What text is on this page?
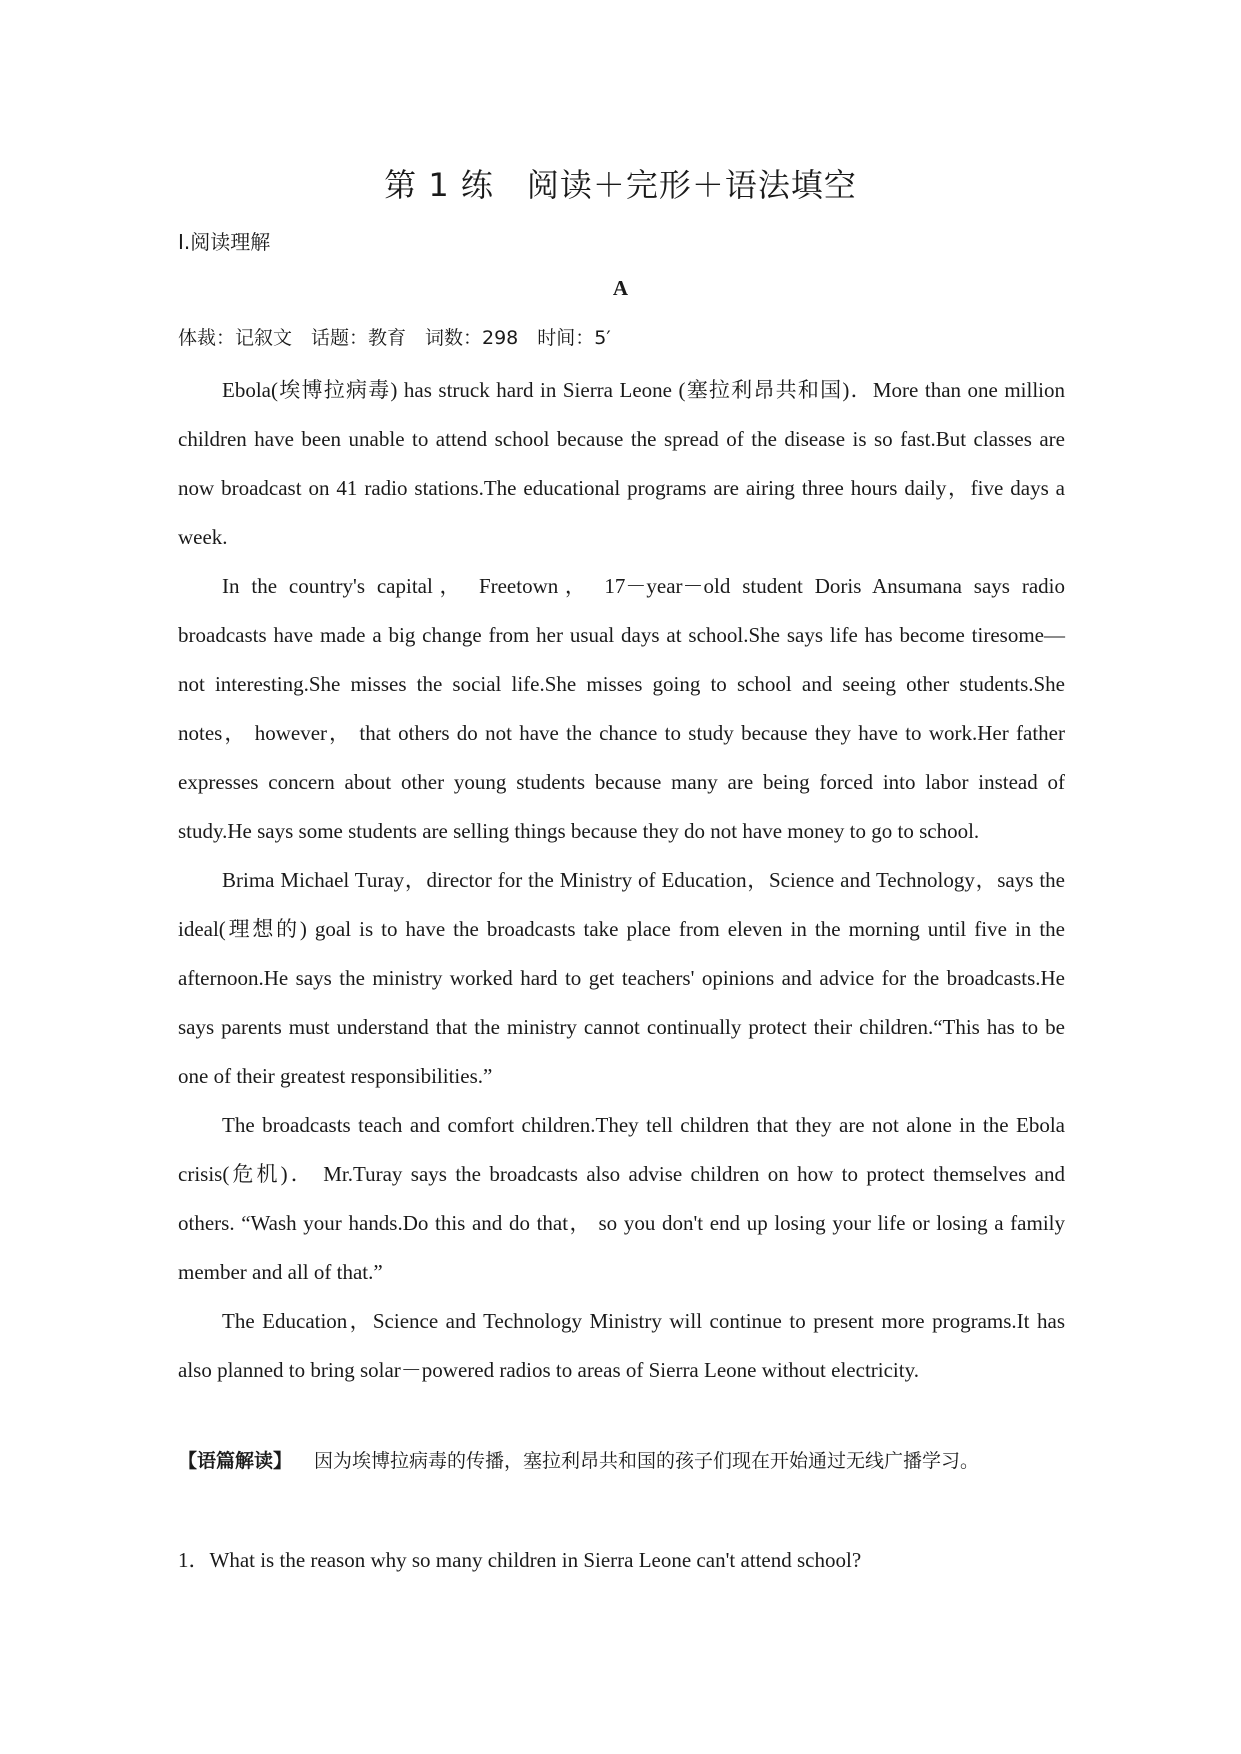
第 1 练　阅读＋完形＋语法填空
Ⅰ.阅读理解
A
体裁：记叙文　话题：教育　词数：298　时间：5′

Ebola(埃博拉病毒) has struck hard in Sierra Leone (塞拉利昂共和国)．More than one million children have been unable to attend school because the spread of the disease is so fast.But classes are now broadcast on 41 radio stations.The educational programs are airing three hours daily，five days a week.

In the country's capital， Freetown， 17－year－old student Doris Ansumana says radio broadcasts have made a big change from her usual days at school.She says life has become tiresome—not interesting.She misses the social life.She misses going to school and seeing other students.She notes， however， that others do not have the chance to study because they have to work.Her father expresses concern about other young students because many are being forced into labor instead of study.He says some students are selling things because they do not have money to go to school.

Brima Michael Turay，director for the Ministry of Education，Science and Technology，says the ideal(理想的) goal is to have the broadcasts take place from eleven in the morning until five in the afternoon.He says the ministry worked hard to get teachers' opinions and advice for the broadcasts.He says parents must understand that the ministry cannot continually protect their children.“This has to be one of their greatest responsibilities.”

The broadcasts teach and comfort children.They tell children that they are not alone in the Ebola crisis(危机)． Mr.Turay says the broadcasts also advise children on how to protect themselves and others. “Wash your hands.Do this and do that， so you don't end up losing your life or losing a family member and all of that.”

The Education，Science and Technology Ministry will continue to present more programs.It has also planned to bring solar－powered radios to areas of Sierra Leone without electricity.

【语篇解读】 因为埃博拉病毒的传播，塞拉利昂共和国的孩子们现在开始通过无线广播学习。
1．What is the reason why so many children in Sierra Leone can't attend school?
